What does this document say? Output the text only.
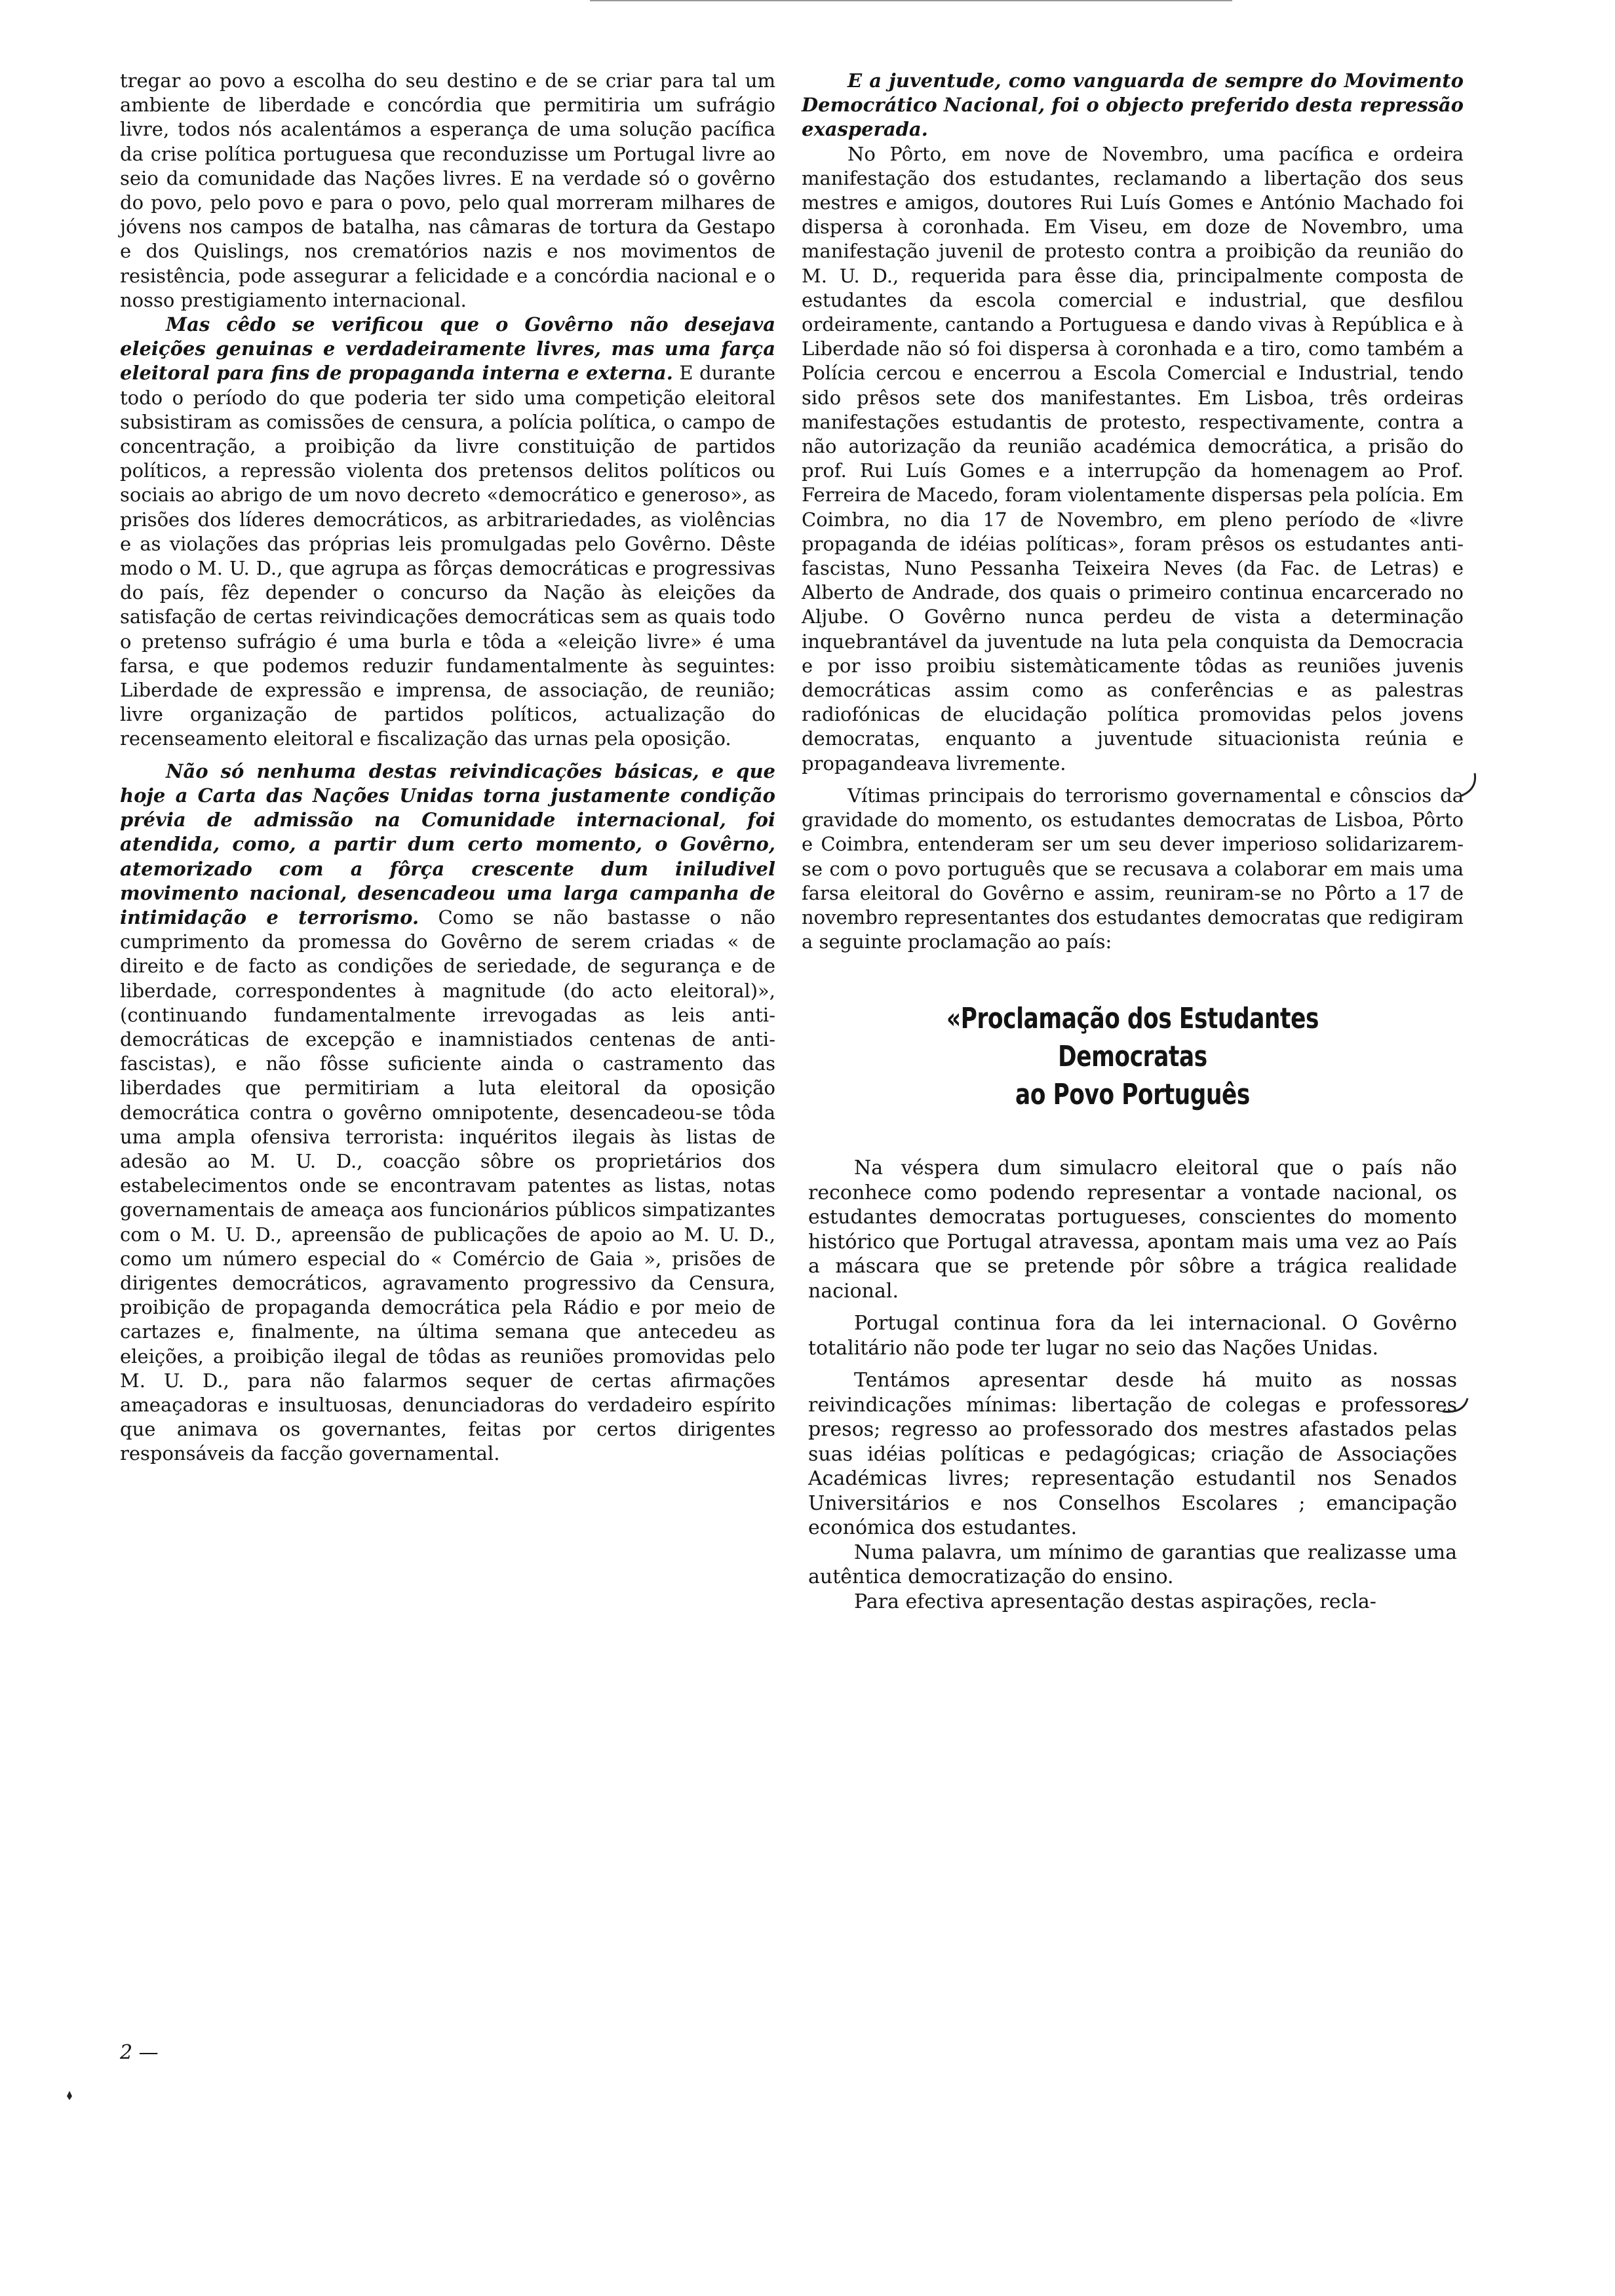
tregar ao povo a escolha do seu destino e de se criar para tal um ambiente de liberdade e concórdia que permitiria um sufrágio livre, todos nós acalentámos a esperança de uma solução pacífica da crise política portuguesa que reconduzisse um Portugal livre ao seio da comunidade das Nações livres. E na verdade só o govêrno do povo, pelo povo e para o povo, pelo qual morreram milhares de jóvens nos campos de batalha, nas câmaras de tortura da Gestapo e dos Quislings, nos crematórios nazis e nos movimentos de resistência, pode assegurar a felicidade e a concórdia nacional e o nosso prestigiamento internacional.

Mas cêdo se verificou que o Govêrno não desejava eleições genuinas e verdadeiramente livres, mas uma farça eleitoral para fins de propaganda interna e externa. E durante todo o período do que poderia ter sido uma competição eleitoral subsistiram as comissões de censura, a polícia política, o campo de concentração, a proibição da livre constituição de partidos políticos, a repressão violenta dos pretensos delitos políticos ou sociais ao abrigo de um novo decreto «democrático e generoso», as prisões dos líderes democráticos, as arbitrariedades, as violências e as violações das próprias leis promulgadas pelo Govêrno. Dêste modo o M. U. D., que agrupa as fôrças democráticas e progressivas do país, fêz depender o concurso da Nação às eleições da satisfação de certas reivindicações democráticas sem as quais todo o pretenso sufrágio é uma burla e tôda a «eleição livre» é uma farsa, e que podemos reduzir fundamentalmente às seguintes: Liberdade de expressão e imprensa, de associação, de reunião; livre organização de partidos políticos, actualização do recenseamento eleitoral e fiscalização das urnas pela oposição.

Não só nenhuma destas reivindicações básicas, e que hoje a Carta das Nações Unidas torna justamente condição prévia de admissão na Comunidade internacional, foi atendida, como, a partir dum certo momento, o Govêrno, atemorizado com a fôrça crescente dum iniludivel movimento nacional, desencadeou uma larga campanha de intimidação e terrorismo. Como se não bastasse o não cumprimento da promessa do Govêrno de serem criadas « de direito e de facto as condições de seriedade, de segurança e de liberdade, correspondentes à magnitude (do acto eleitoral)», (continuando fundamentalmente irrevogadas as leis anti-democráticas de excepção e inamnistiados centenas de anti-fascistas), e não fôsse suficiente ainda o castramento das liberdades que permitiriam a luta eleitoral da oposição democrática contra o govêrno omnipotente, desencadeou-se tôda uma ampla ofensiva terrorista: inquéritos ilegais às listas de adesão ao M. U. D., coacção sôbre os proprietários dos estabelecimentos onde se encontravam patentes as listas, notas governamentais de ameaça aos funcionários públicos simpatizantes com o M. U. D., apreensão de publicações de apoio ao M. U. D., como um número especial do « Comércio de Gaia », prisões de dirigentes democráticos, agravamento progressivo da Censura, proibição de propaganda democrática pela Rádio e por meio de cartazes e, finalmente, na última semana que antecedeu as eleições, a proibição ilegal de tôdas as reuniões promovidas pelo M. U. D., para não falarmos sequer de certas afirmações ameaçadoras e insultuosas, denunciadoras do verdadeiro espírito que animava os governantes, feitas por certos dirigentes responsáveis da facção governamental.

E a juventude, como vanguarda de sempre do Movimento Democrático Nacional, foi o objecto preferido desta repressão exasperada.

No Pôrto, em nove de Novembro, uma pacífica e ordeira manifestação dos estudantes, reclamando a libertação dos seus mestres e amigos, doutores Rui Luís Gomes e António Machado foi dispersa à coronhada. Em Viseu, em doze de Novembro, uma manifestação juvenil de protesto contra a proibição da reunião do M. U. D., requerida para êsse dia, principalmente composta de estudantes da escola comercial e industrial, que desfilou ordeiramente, cantando a Portuguesa e dando vivas à República e à Liberdade não só foi dispersa à coronhada e a tiro, como também a Polícia cercou e encerrou a Escola Comercial e Industrial, tendo sido prêsos sete dos manifestantes. Em Lisboa, três ordeiras manifestações estudantis de protesto, respectivamente, contra a não autorização da reunião académica democrática, a prisão do prof. Rui Luís Gomes e a interrupção da homenagem ao Prof. Ferreira de Macedo, foram violentamente dispersas pela polícia. Em Coimbra, no dia 17 de Novembro, em pleno período de «livre propaganda de idéias políticas», foram prêsos os estudantes anti-fascistas, Nuno Pessanha Teixeira Neves (da Fac. de Letras) e Alberto de Andrade, dos quais o primeiro continua encarcerado no Aljube. O Govêrno nunca perdeu de vista a determinação inquebrantável da juventude na luta pela conquista da Democracia e por isso proibiu sistemàticamente tôdas as reuniões juvenis democráticas assim como as conferências e as palestras radiofónicas de elucidação política promovidas pelos jovens democratas, enquanto a juventude situacionista reúnia e propagandeava livremente.

Vítimas principais do terrorismo governamental e cônscios da gravidade do momento, os estudantes democratas de Lisboa, Pôrto e Coimbra, entenderam ser um seu dever imperioso solidarizarem-se com o povo português que se recusava a colaborar em mais uma farsa eleitoral do Govêrno e assim, reuniram-se no Pôrto a 17 de novembro representantes dos estudantes democratas que redigiram a seguinte proclamação ao país:

«Proclamação dos Estudantes Democratas
ao Povo Português

Na véspera dum simulacro eleitoral que o país não reconhece como podendo representar a vontade nacional, os estudantes democratas portugueses, conscientes do momento histórico que Portugal atravessa, apontam mais uma vez ao País a máscara que se pretende pôr sôbre a trágica realidade nacional.

Portugal continua fora da lei internacional. O Govêrno totalitário não pode ter lugar no seio das Nações Unidas.

Tentámos apresentar desde há muito as nossas reivindicações mínimas: libertação de colegas e professores presos; regresso ao professorado dos mestres afastados pelas suas idéias políticas e pedagógicas; criação de Associações Académicas livres; representação estudantil nos Senados Universitários e nos Conselhos Escolares ; emancipação económica dos estudantes.

Numa palavra, um mínimo de garantias que realizasse uma autêntica democratização do ensino.

Para efectiva apresentação destas aspirações, recla-

2 —
